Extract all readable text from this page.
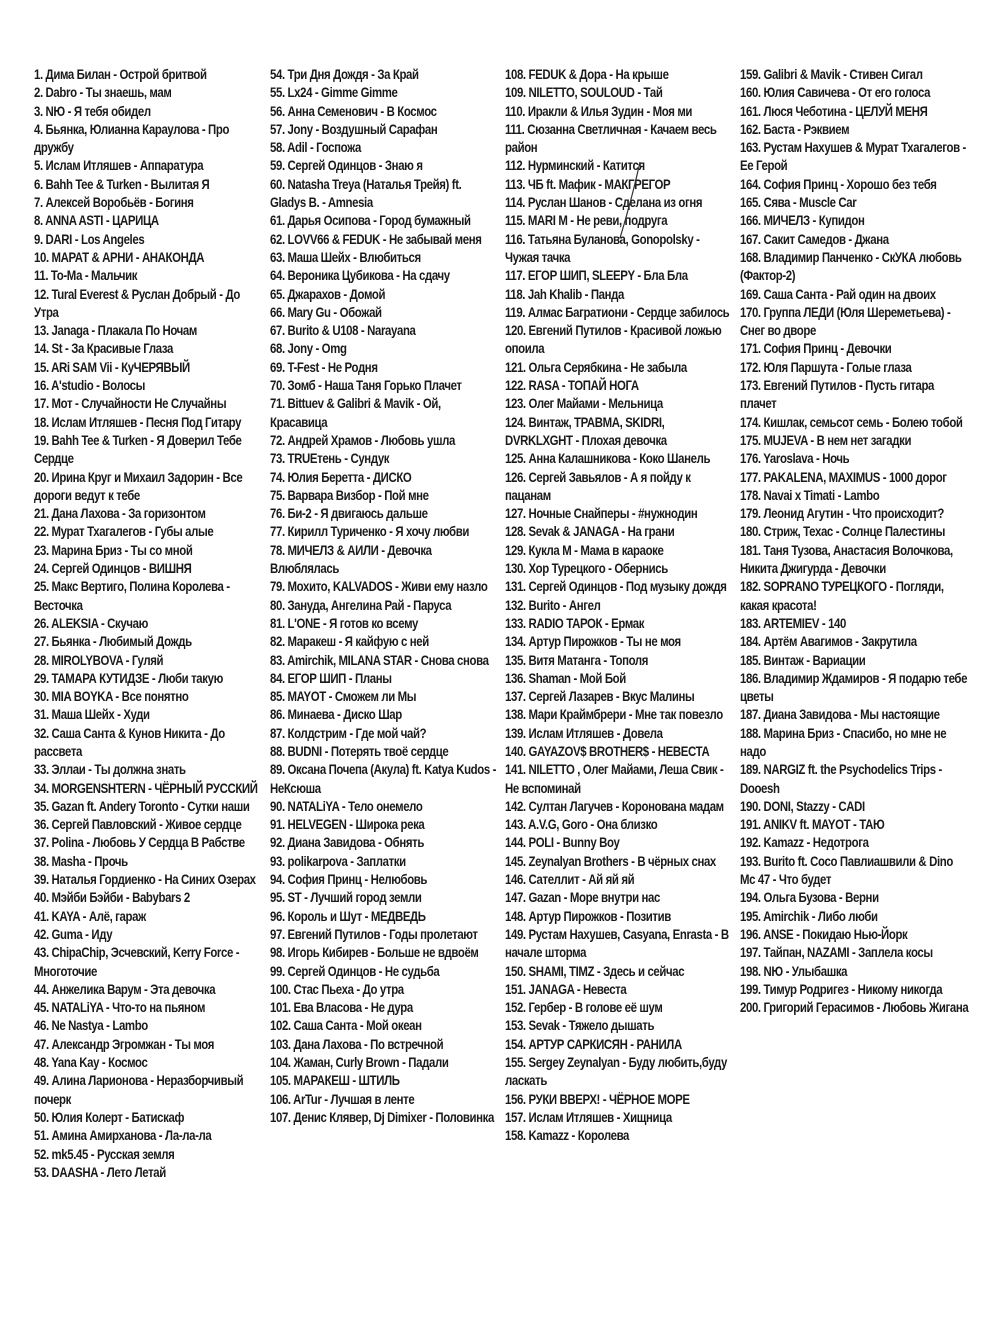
1. Дима Билан - Острой бритвой
2. Dabro - Ты знаешь, мам
3. NЮ - Я тебя обидел
4. Бьянка, Юлианна Караулова - Про дружбу
5. Ислам Итляшев - Аппаратура
6. Bahh Tee & Turken - Вылитая Я
7. Алексей Воробьёв - Богиня
8. ANNA ASTI - ЦАРИЦА
9. DARI - Los Angeles
10. МАРАТ & АРНИ - АНАКОНДА
11. То-Ма - Мальчик
12. Tural Everest & Руслан Добрый - До Утра
13. Janaga - Плакала По Ночам
14. St - За Красивые Глаза
15. ARi SAM Vii - КуЧЕРЯВЫЙ
16. A'studio - Волосы
17. Мот - Случайности Не Случайны
18. Ислам Итляшев - Песня Под Гитару
19. Bahh Tee & Turken - Я Доверил Тебе Сердце
20. Ирина Круг и Михаил Задорин - Все дороги ведут к тебе
21. Дана Лахова - За горизонтом
22. Мурат Тхагалегов - Губы алые
23. Марина Бриз - Ты со мной
24. Сергей Одинцов - ВИШНЯ
25. Макс Вертиго, Полина Королева - Весточка
26. ALEKSIA - Скучаю
27. Бьянка - Любимый Дождь
28. MIROLYBOVA - Гуляй
29. ТАМАРА КУТИДЗЕ - Люби такую
30. MIA BOYKA - Все понятно
31. Маша Шейх - Худи
32. Саша Санта & Кунов Никита - До рассвета
33. Эллаи - Ты должна знать
34. MORGENSHTERN - ЧЁРНЫЙ РУССКИЙ
35. Gazan ft. Andery Toronto - Сутки наши
36. Сергей Павловский - Живое сердце
37. Polina - Любовь У Сердца В Рабстве
38. Masha - Прочь
39. Наталья Гордиенко - На Синих Озерах
40. Мэйби Бэйби - Babybars 2
41. KAYA - Алё, гараж
42. Guma - Иду
43. ChipaChip, Эсчевский, Kerry Force - Многоточие
44. Анжелика Варум - Эта девочка
45. NATALiYA - Что-то на пьяном
46. Ne Nastya - Lambo
47. Александр Эгромжан - Ты моя
48. Yana Kay - Космос
49. Алина Ларионова - Неразборчивый почерк
50. Юлия Колерт - Батискаф
51. Амина Амирханова - Ла-ла-ла
52. mk5.45 - Русская земля
53. DAASHA - Лето Летай
54. Три Дня Дождя - За Край
55. Lx24 - Gimme Gimme
56. Анна Семенович - В Космос
57. Jony - Воздушный Сарафан
58. Adil - Госпожа
59. Сергей Одинцов - Знаю я
60. Natasha Treya (Наталья Трейя) ft. Gladys B. - Amnesia
61. Дарья Осипова - Город бумажный
62. LOVV66 & FEDUK - Не забывай меня
63. Маша Шейх - Влюбиться
64. Вероника Цубикова - На сдачу
65. Джарахов - Домой
66. Mary Gu - Обожай
67. Burito & U108 - Narayana
68. Jony - Omg
69. T-Fest - Не Родня
70. Зомб - Наша Таня Горько Плачет
71. Bittuev & Galibri & Mavik - Ой, Красавица
72. Андрей Храмов - Любовь ушла
73. TRUEтень - Сундук
74. Юлия Беретта - ДИСКО
75. Варвара Визбор - Пой мне
76. Би-2 - Я двигаюсь дальше
77. Кирилл Туриченко - Я хочу любви
78. МИЧЕЛЗ & АИЛИ - Девочка Влюблялась
79. Мохито, KALVADOS - Живи ему назло
80. Зануда, Ангелина Рай - Паруса
81. L'ONE - Я готов ко всему
82. Маракеш - Я кайфую с ней
83. Amirchik, MILANA STAR - Снова снова
84. ЕГОР ШИП - Планы
85. MAYOT - Сможем ли Мы
86. Минаева - Диско Шар
87. Колдстрим - Где мой чай?
88. BUDNI - Потерять твоё сердце
89. Оксана Почепа (Акула) ft. Katya Kudos - НеКсюша
90. NATALiYA - Тело онемело
91. HELVEGEN - Широка река
92. Диана Завидова - Обнять
93. polikarpova - Заплатки
94. София Принц - Нелюбовь
95. ST - Лучший город земли
96. Король и Шут - МЕДВЕДЬ
97. Евгений Путилов - Годы пролетают
98. Игорь Кибирев - Больше не вдвоём
99. Сергей Одинцов - Не судьба
100. Стас Пьеха - До утра
101. Ева Власова - Не дура
102. Саша Санта - Мой океан
103. Дана Лахова - По встречной
104. Жаман, Curly Brown - Падали
105. МАРАКЕШ - ШТИЛЬ
106. ArTur - Лучшая в ленте
107. Денис Клявер, Dj Dimixer - Половинка
108. FEDUK & Дора - На крыше
109. NILETTO, SOULOUD - Тай
110. Иракли & Илья Зудин - Моя ми
111. Сюзанна Светличная - Качаем весь район
112. Нурминский - Катится
113. ЧБ ft. Мафик - МАКГРЕГОР
114. Руслан Шанов - Сделана из огня
115. MARI M - Не реви, подруга
116. Татьяна Буланова, Gonopolsky - Чужая тачка
117. ЕГОР ШИП, SLEEPY - Бла Бла
118. Jah Khalib - Панда
119. Алмас Багратиони - Сердце забилось
120. Евгений Путилов - Красивой ложью опоила
121. Ольга Серябкина - Не забыла
122. RASA - ТОПАЙ НОГА
123. Олег Майами - Мельница
124. Винтаж, ТРАВМА, SKIDRI, DVRKLXGHT - Плохая девочка
125. Анна Калашникова - Коко Шанель
126. Сергей Завьялов - А я пойду к пацанам
127. Ночные Снайперы - #нужнодин
128. Sevak & JANAGA - На грани
129. Кукла М - Мама в караоке
130. Хор Турецкого - Обернись
131. Сергей Одинцов - Под музыку дождя
132. Burito - Ангел
133. RADIO ТАРОК - Ермак
134. Артур Пирожков - Ты не моя
135. Витя Матанга - Тополя
136. Shaman - Мой Бой
137. Сергей Лазарев - Вкус Малины
138. Мари Краймбрери - Мне так повезло
139. Ислам Итляшев - Довела
140. GAYAZOV$ BROTHER$ - НЕВЕСТА
141. NILETTO , Олег Майами, Леша Свик - Не вспоминай
142. Султан Лагучев - Коронована мадам
143. A.V.G, Goro - Она близко
144. POLI - Bunny Boy
145. Zeynalyan Brothers - В чёрных снах
146. Сателлит - Ай яй яй
147. Gazan - Море внутри нас
148. Артур Пирожков - Позитив
149. Рустам Нахушев, Casyana, Enrasta - В начале шторма
150. SHAMI, TIMZ - Здесь и сейчас
151. JANAGA - Невеста
152. Гербер - В голове её шум
153. Sevak - Тяжело дышать
154. АРТУР САРКИСЯН - РАНИЛА
155. Sergey Zeynalyan - Буду любить,буду ласкать
156. РУКИ ВВЕРХ! - ЧЁРНОЕ МОРЕ
157. Ислам Итляшев - Хищница
158. Kamazz - Королева
159. Galibri & Mavik - Стивен Сигал
160. Юлия Савичева - От его голоса
161. Люся Чеботина - ЦЕЛУЙ МЕНЯ
162. Баста - Рэквием
163. Рустам Нахушев & Мурат Тхагалегов - Ее Герой
164. София Принц - Хорошо без тебя
165. Сява - Muscle Car
166. МИЧЕЛЗ - Купидон
167. Сакит Самедов - Джана
168. Владимир Панченко - СкУКА любовь (Фактор-2)
169. Саша Санта - Рай один на двоих
170. Группа ЛЕДИ (Юля Шереметьева) - Снег во дворе
171. София Принц - Девочки
172. Юля Паршута - Голые глаза
173. Евгений Путилов - Пусть гитара плачет
174. Кишлак, семьсот семь - Болею тобой
175. MUJEVA - В нем нет загадки
176. Yaroslava - Ночь
177. PAKALENA, MAXIMUS - 1000 дорог
178. Navai x Timati - Lambo
179. Леонид Агутин - Что происходит?
180. Стриж, Техас - Солнце Палестины
181. Таня Тузова, Анастасия Волочкова, Никита Джигурда - Девочки
182. SOPRANO ТУРЕЦКОГО - Погляди, какая красота!
183. ARTEMIEV - 140
184. Артём Авагимов - Закрутила
185. Винтаж - Вариации
186. Владимир Ждамиров - Я подарю тебе цветы
187. Диана Завидова - Мы настоящие
188. Марина Бриз - Спасибо, но мне не надо
189. NARGIZ ft. the Psychodelics Trips - Dooesh
190. DONI, Stazzy - CADI
191. ANIKV ft. MAYOT - ТАЮ
192. Kamazz - Недотрога
193. Burito ft. Coco Павлиашвили & Dino Mc 47 - Что будет
194. Ольга Бузова - Верни
195. Amirchik - Либо люби
196. ANSE - Покидаю Нью-Йорк
197. Тайпан, NAZAMI - Заплела косы
198. NЮ - Улыбашка
199. Тимур Родригез - Никому никогда
200. Григорий Герасимов - Любовь Жигана
